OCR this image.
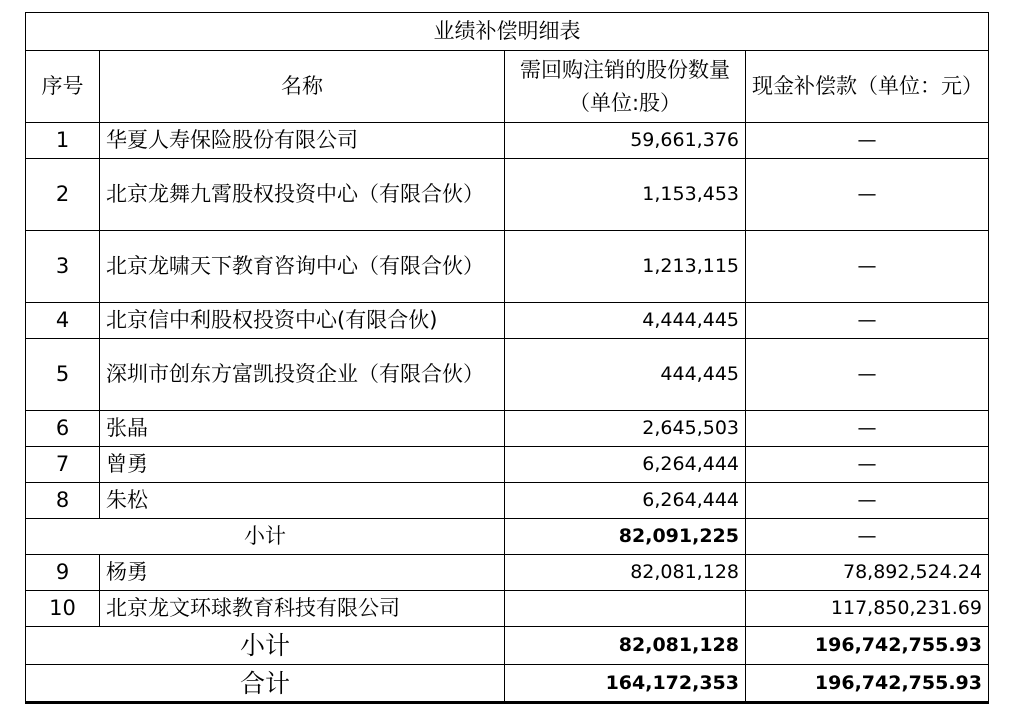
业绩补偿明细表			
序号	名称	需回购注销的股份数量（单位:股）	现金补偿款（单位：元）
1	华夏人寿保险股份有限公司	59,661,376	—
2	北京龙舞九霄股权投资中心（有限合伙）	1,153,453	—
3	北京龙啸天下教育咨询中心（有限合伙）	1,213,115	—
4	北京信中利股权投资中心(有限合伙)	4,444,445	—
5	深圳市创东方富凯投资企业（有限合伙）	444,445	—
6	张晶	2,645,503	—
7	曾勇	6,264,444	—
8	朱松	6,264,444	—
小计		82,091,225	—
9	杨勇	82,081,128	78,892,524.24
10	北京龙文环球教育科技有限公司		117,850,231.69
小计		82,081,128	196,742,755.93
合计		164,172,353	196,742,755.93
